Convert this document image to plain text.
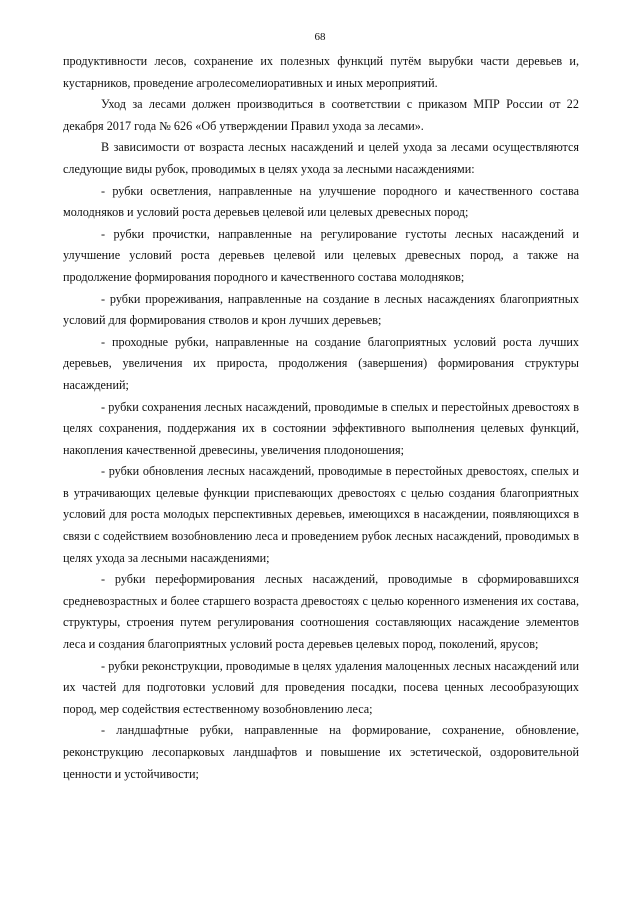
68

продуктивности лесов, сохранение их полезных функций путём вырубки части деревьев и, кустарников, проведение агролесомелиоративных и иных мероприятий.

Уход за лесами должен производиться в соответствии с приказом МПР России от 22 декабря 2017 года № 626 «Об утверждении Правил ухода за лесами».

В зависимости от возраста лесных насаждений и целей ухода за лесами осуществляются следующие виды рубок, проводимых в целях ухода за лесными насаждениями:

- рубки осветления, направленные на улучшение породного и качественного состава молодняков и условий роста деревьев целевой или целевых древесных пород;

- рубки прочистки, направленные на регулирование густоты лесных насаждений и улучшение условий роста деревьев целевой или целевых древесных пород, а также на продолжение формирования породного и качественного состава молодняков;

- рубки прореживания, направленные на создание в лесных насаждениях благоприятных условий для формирования стволов и крон лучших деревьев;

- проходные рубки, направленные на создание благоприятных условий роста лучших деревьев, увеличения их прироста, продолжения (завершения) формирования структуры насаждений;

- рубки сохранения лесных насаждений, проводимые в спелых и перестойных древостоях в целях сохранения, поддержания их в состоянии эффективного выполнения целевых функций, накопления качественной древесины, увеличения плодоношения;

- рубки обновления лесных насаждений, проводимые в перестойных древостоях, спелых и в утрачивающих целевые функции приспевающих древостоях с целью создания благоприятных условий для роста молодых перспективных деревьев, имеющихся в насаждении, появляющихся в связи с содействием возобновлению леса и проведением рубок лесных насаждений, проводимых в целях ухода за лесными насаждениями;

- рубки переформирования лесных насаждений, проводимые в сформировавшихся средневозрастных и более старшего возраста древостоях с целью коренного изменения их состава, структуры, строения путем регулирования соотношения составляющих насаждение элементов леса и создания благоприятных условий роста деревьев целевых пород, поколений, ярусов;

- рубки реконструкции, проводимые в целях удаления малоценных лесных насаждений или их частей для подготовки условий для проведения посадки, посева ценных лесообразующих пород, мер содействия естественному возобновлению леса;

- ландшафтные рубки, направленные на формирование, сохранение, обновление, реконструкцию лесопарковых ландшафтов и повышение их эстетической, оздоровительной ценности и устойчивости;
